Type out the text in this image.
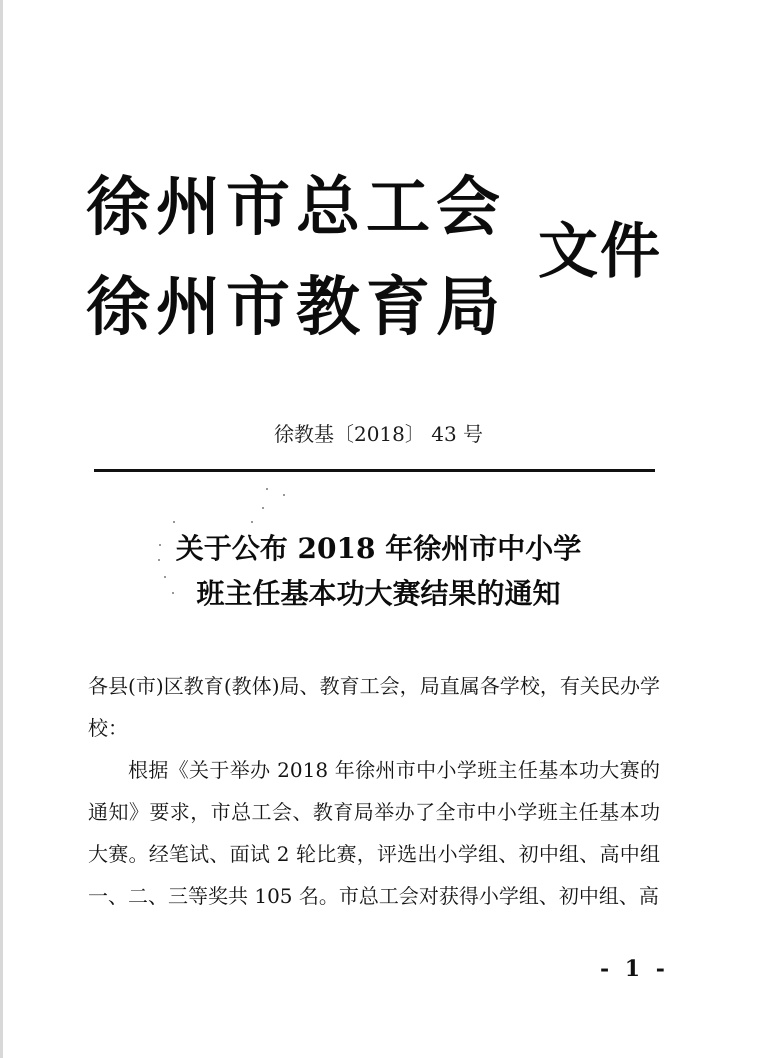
徐州市总工会
徐州市教育局
文件
徐教基〔2018〕 43 号
关于公布 2018 年徐州市中小学
班主任基本功大赛结果的通知

各县(市)区教育(教体)局、教育工会，局直属各学校，有关民办学校：

根据《关于举办 2018 年徐州市中小学班主任基本功大赛的通知》要求，市总工会、教育局举办了全市中小学班主任基本功大赛。经笔试、面试 2 轮比赛，评选出小学组、初中组、高中组一、二、三等奖共 105 名。市总工会对获得小学组、初中组、高

- 1 -
